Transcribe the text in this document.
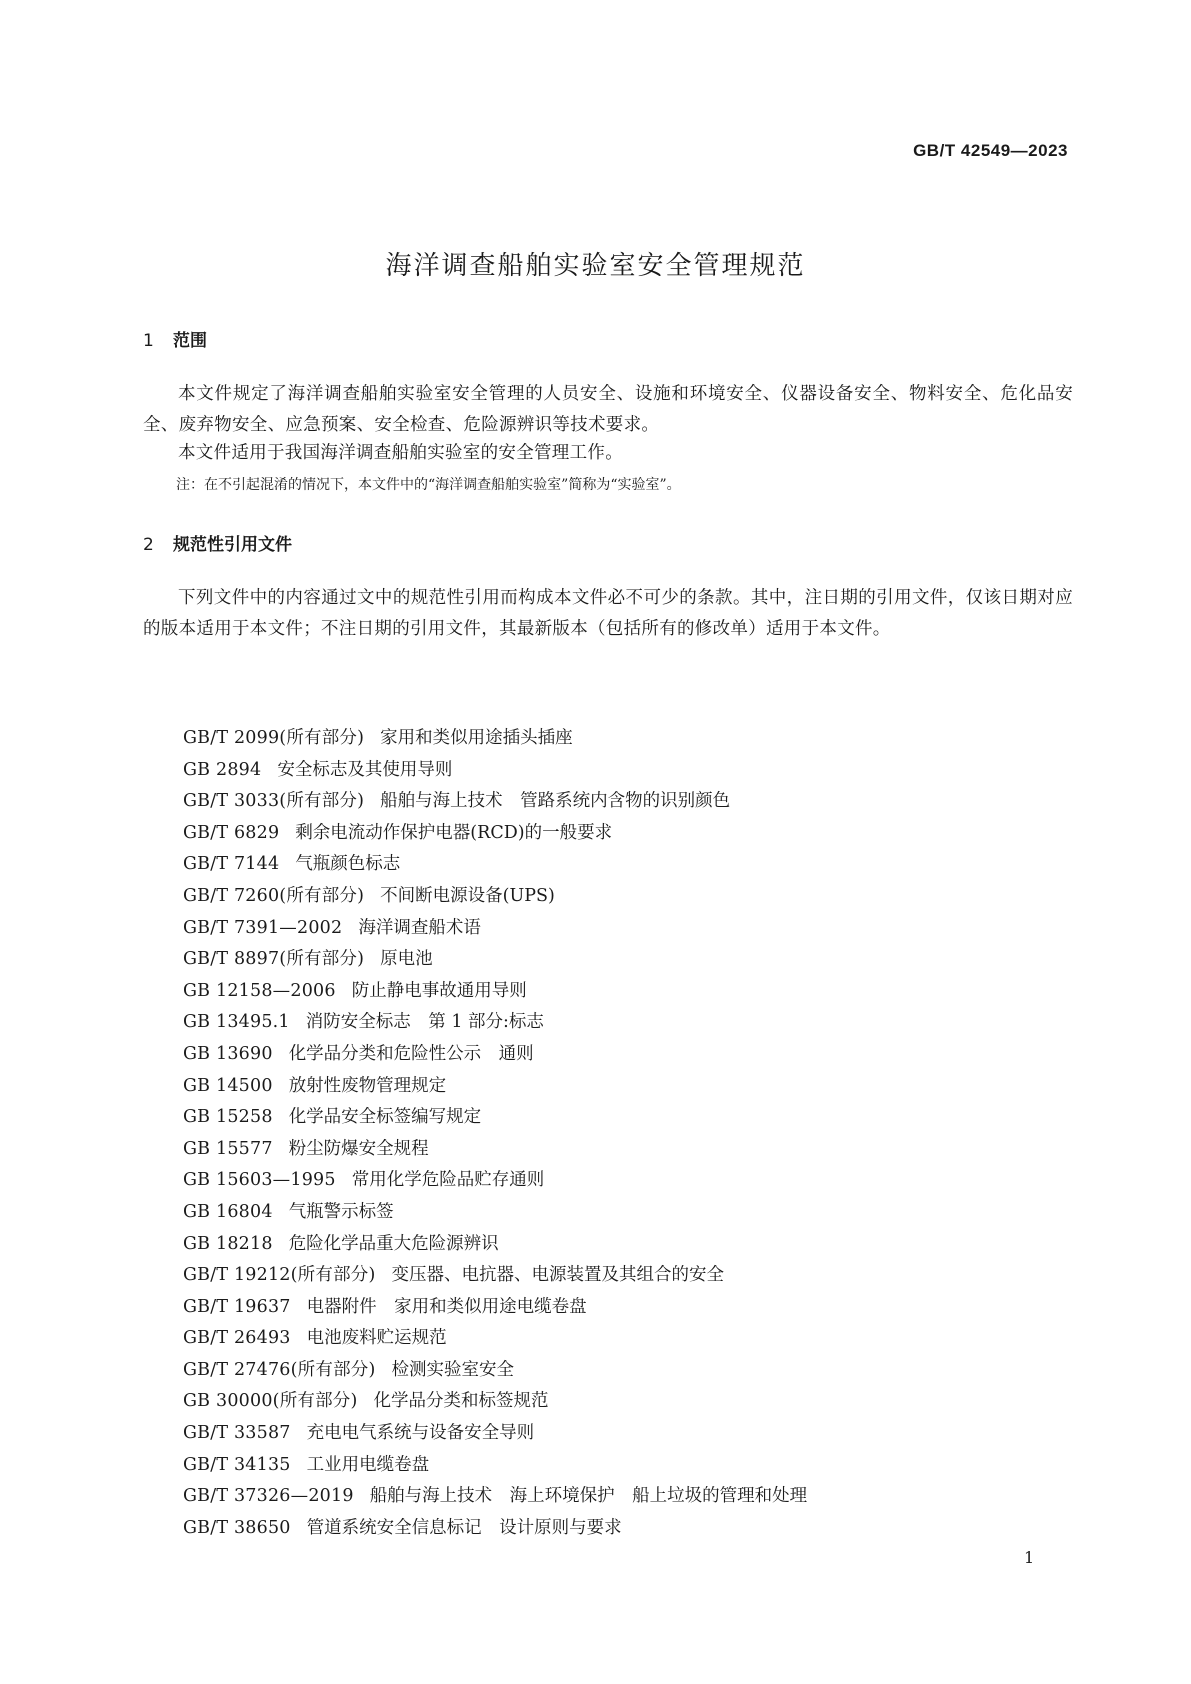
GB/T 42549—2023
海洋调查船舶实验室安全管理规范
1 范围
本文件规定了海洋调查船舶实验室安全管理的人员安全、设施和环境安全、仪器设备安全、物料安全、危化品安全、废弃物安全、应急预案、安全检查、危险源辨识等技术要求。
本文件适用于我国海洋调查船舶实验室的安全管理工作。
注：在不引起混淆的情况下，本文件中的“海洋调查船舶实验室”简称为“实验室”。
2 规范性引用文件
下列文件中的内容通过文中的规范性引用而构成本文件必不可少的条款。其中，注日期的引用文件，仅该日期对应的版本适用于本文件；不注日期的引用文件，其最新版本（包括所有的修改单）适用于本文件。
GB/T 2099(所有部分) 家用和类似用途插头插座
GB 2894 安全标志及其使用导则
GB/T 3033(所有部分) 船舶与海上技术　管路系统内含物的识别颜色
GB/T 6829 剩余电流动作保护电器(RCD)的一般要求
GB/T 7144 气瓶颜色标志
GB/T 7260(所有部分) 不间断电源设备(UPS)
GB/T 7391—2002 海洋调查船术语
GB/T 8897(所有部分) 原电池
GB 12158—2006 防止静电事故通用导则
GB 13495.1 消防安全标志　第 1 部分:标志
GB 13690 化学品分类和危险性公示　通则
GB 14500 放射性废物管理规定
GB 15258 化学品安全标签编写规定
GB 15577 粉尘防爆安全规程
GB 15603—1995 常用化学危险品贮存通则
GB 16804 气瓶警示标签
GB 18218 危险化学品重大危险源辨识
GB/T 19212(所有部分) 变压器、电抗器、电源装置及其组合的安全
GB/T 19637 电器附件　家用和类似用途电缆卷盘
GB/T 26493 电池废料贮运规范
GB/T 27476(所有部分) 检测实验室安全
GB 30000(所有部分) 化学品分类和标签规范
GB/T 33587 充电电气系统与设备安全导则
GB/T 34135 工业用电缆卷盘
GB/T 37326—2019 船舶与海上技术　海上环境保护　船上垃圾的管理和处理
GB/T 38650 管道系统安全信息标记　设计原则与要求
1
